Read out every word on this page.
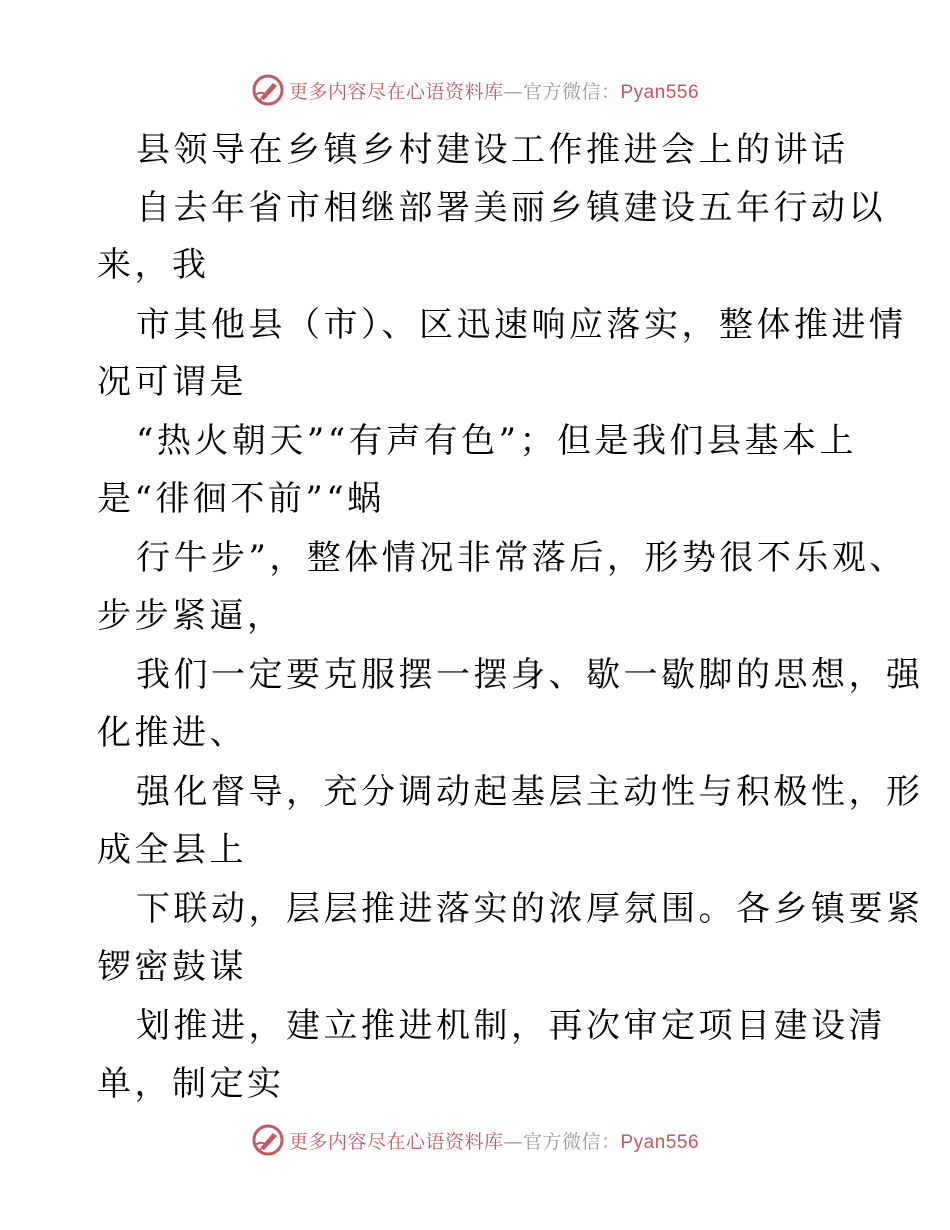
更多内容尽在心语资料库—官方微信：Pyan556
县领导在乡镇乡村建设工作推进会上的讲话
自去年省市相继部署美丽乡镇建设五年行动以
来，我
市其他县（市）、区迅速响应落实，整体推进情
况可谓是
“热火朝天”“有声有色”；但是我们县基本上
是“徘徊不前”“蜗
行牛步”，整体情况非常落后，形势很不乐观、
步步紧逼，
我们一定要克服摆一摆身、歇一歇脚的思想，强
化推进、
强化督导，充分调动起基层主动性与积极性，形
成全县上
下联动，层层推进落实的浓厚氛围。各乡镇要紧
锣密鼓谋
划推进，建立推进机制，再次审定项目建设清
单，制定实
更多内容尽在心语资料库—官方微信：Pyan556
